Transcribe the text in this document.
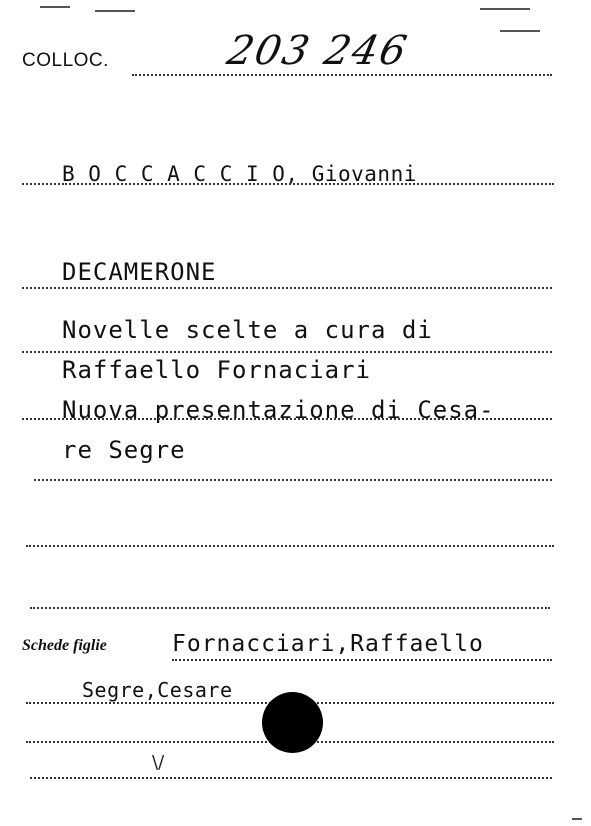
COLLOC.	203 246
B O C C A C C I O, Giovanni
DECAMERONE
Novelle scelte a cura di
Raffaello Fornaciari
Nuova presentazione di Cesa-
re Segre
Schede figlie	Fornacciari,Raffaello
Segre,Cesare
\/
